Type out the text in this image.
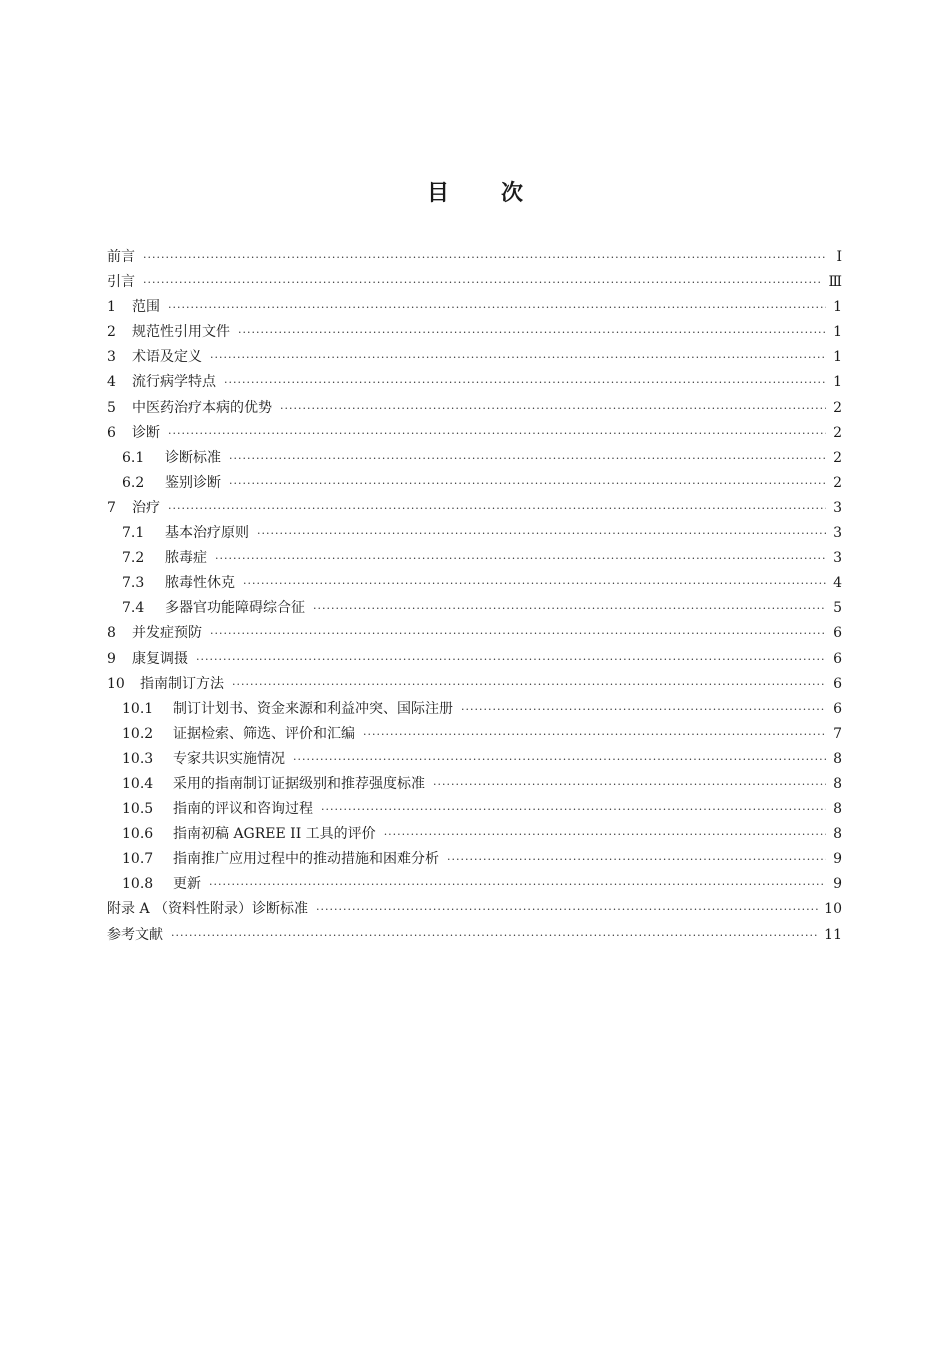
目 次
前言 ·····	Ⅰ
引言 ·····	Ⅲ
1	范围 ·····	1
2	规范性引用文件 ·····	1
3	术语及定义 ·····	1
4	流行病学特点 ·····	1
5	中医药治疗本病的优势 ·····	2
6	诊断 ·····	2
6.1	诊断标准 ·····	2
6.2	鉴别诊断 ·····	2
7	治疗 ·····	3
7.1	基本治疗原则 ·····	3
7.2	脓毒症 ·····	3
7.3	脓毒性休克 ·····	4
7.4	多器官功能障碍综合征 ·····	5
8	并发症预防 ·····	6
9	康复调摄 ·····	6
10	指南制订方法 ·····	6
10.1	制订计划书、资金来源和利益冲突、国际注册 ·····	6
10.2	证据检索、筛选、评价和汇编 ·····	7
10.3	专家共识实施情况 ·····	8
10.4	采用的指南制订证据级别和推荐强度标准 ·····	8
10.5	指南的评议和咨询过程 ·····	8
10.6	指南初稿 AGREE II 工具的评价 ·····	8
10.7	指南推广应用过程中的推动措施和困难分析 ·····	9
10.8	更新 ·····	9
附录 A （资料性附录）诊断标准 ·····	10
参考文献 ·····	11
